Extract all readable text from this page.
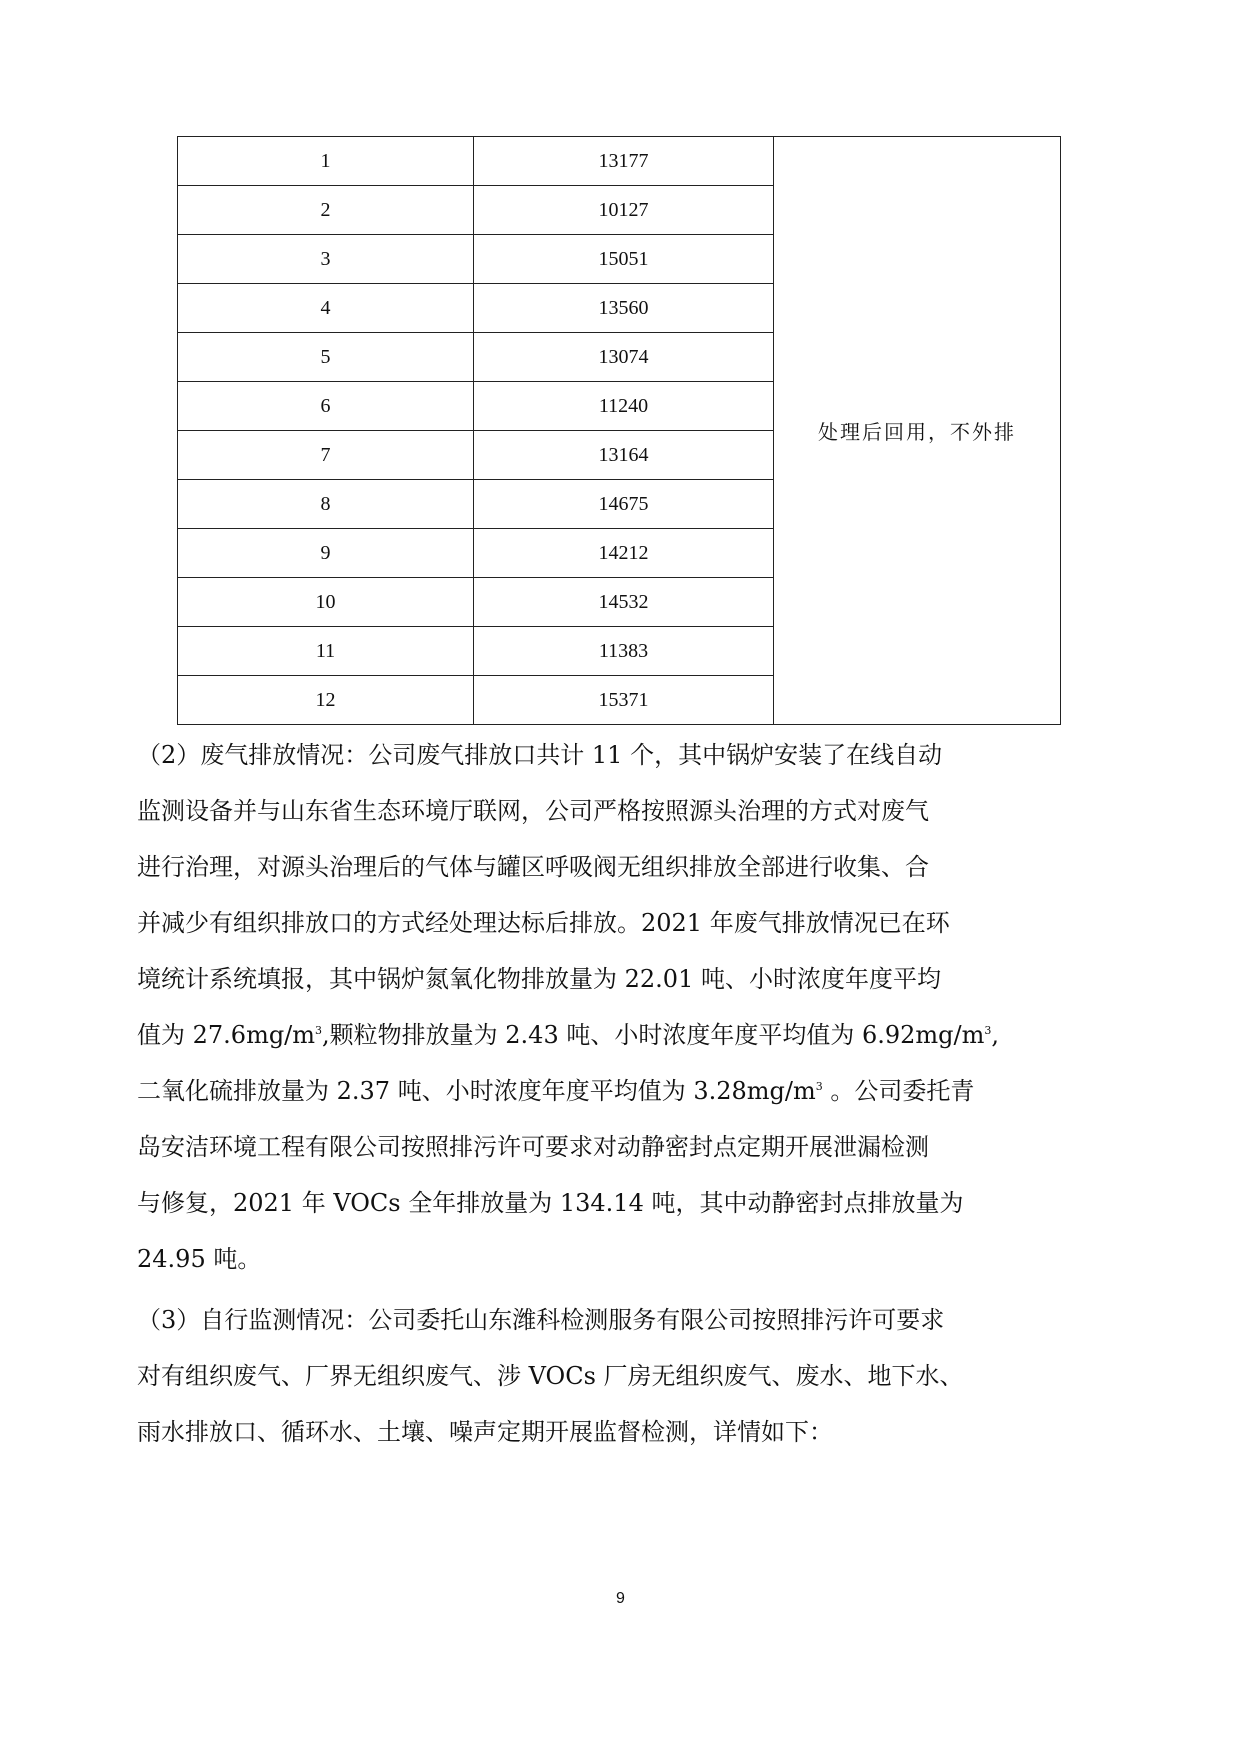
1	13177	处理后回用，不外排
2	10127	
3	15051	
4	13560	
5	13074	
6	11240	
7	13164	
8	14675	
9	14212	
10	14532	
11	11383	
12	15371	
（2）废气排放情况：公司废气排放口共计 11 个，其中锅炉安装了在线自动
监测设备并与山东省生态环境厅联网，公司严格按照源头治理的方式对废气
进行治理，对源头治理后的气体与罐区呼吸阀无组织排放全部进行收集、合
并减少有组织排放口的方式经处理达标后排放。2021 年废气排放情况已在环
境统计系统填报，其中锅炉氮氧化物排放量为 22.01 吨、小时浓度年度平均
值为 $27.6mg/m^3$,颗粒物排放量为 2.43 吨、小时浓度年度平均值为 $6.92mg/m^3$,
二氧化硫排放量为 2.37 吨、小时浓度年度平均值为 $3.28mg/m^3$ 。公司委托青
岛安洁环境工程有限公司按照排污许可要求对动静密封点定期开展泄漏检测
与修复，2021 年 VOCs 全年排放量为 134.14 吨，其中动静密封点排放量为
24.95 吨。
（3）自行监测情况：公司委托山东潍科检测服务有限公司按照排污许可要求
对有组织废气、厂界无组织废气、涉 VOCs 厂房无组织废气、废水、地下水、
雨水排放口、循环水、土壤、噪声定期开展监督检测，详情如下：
9
